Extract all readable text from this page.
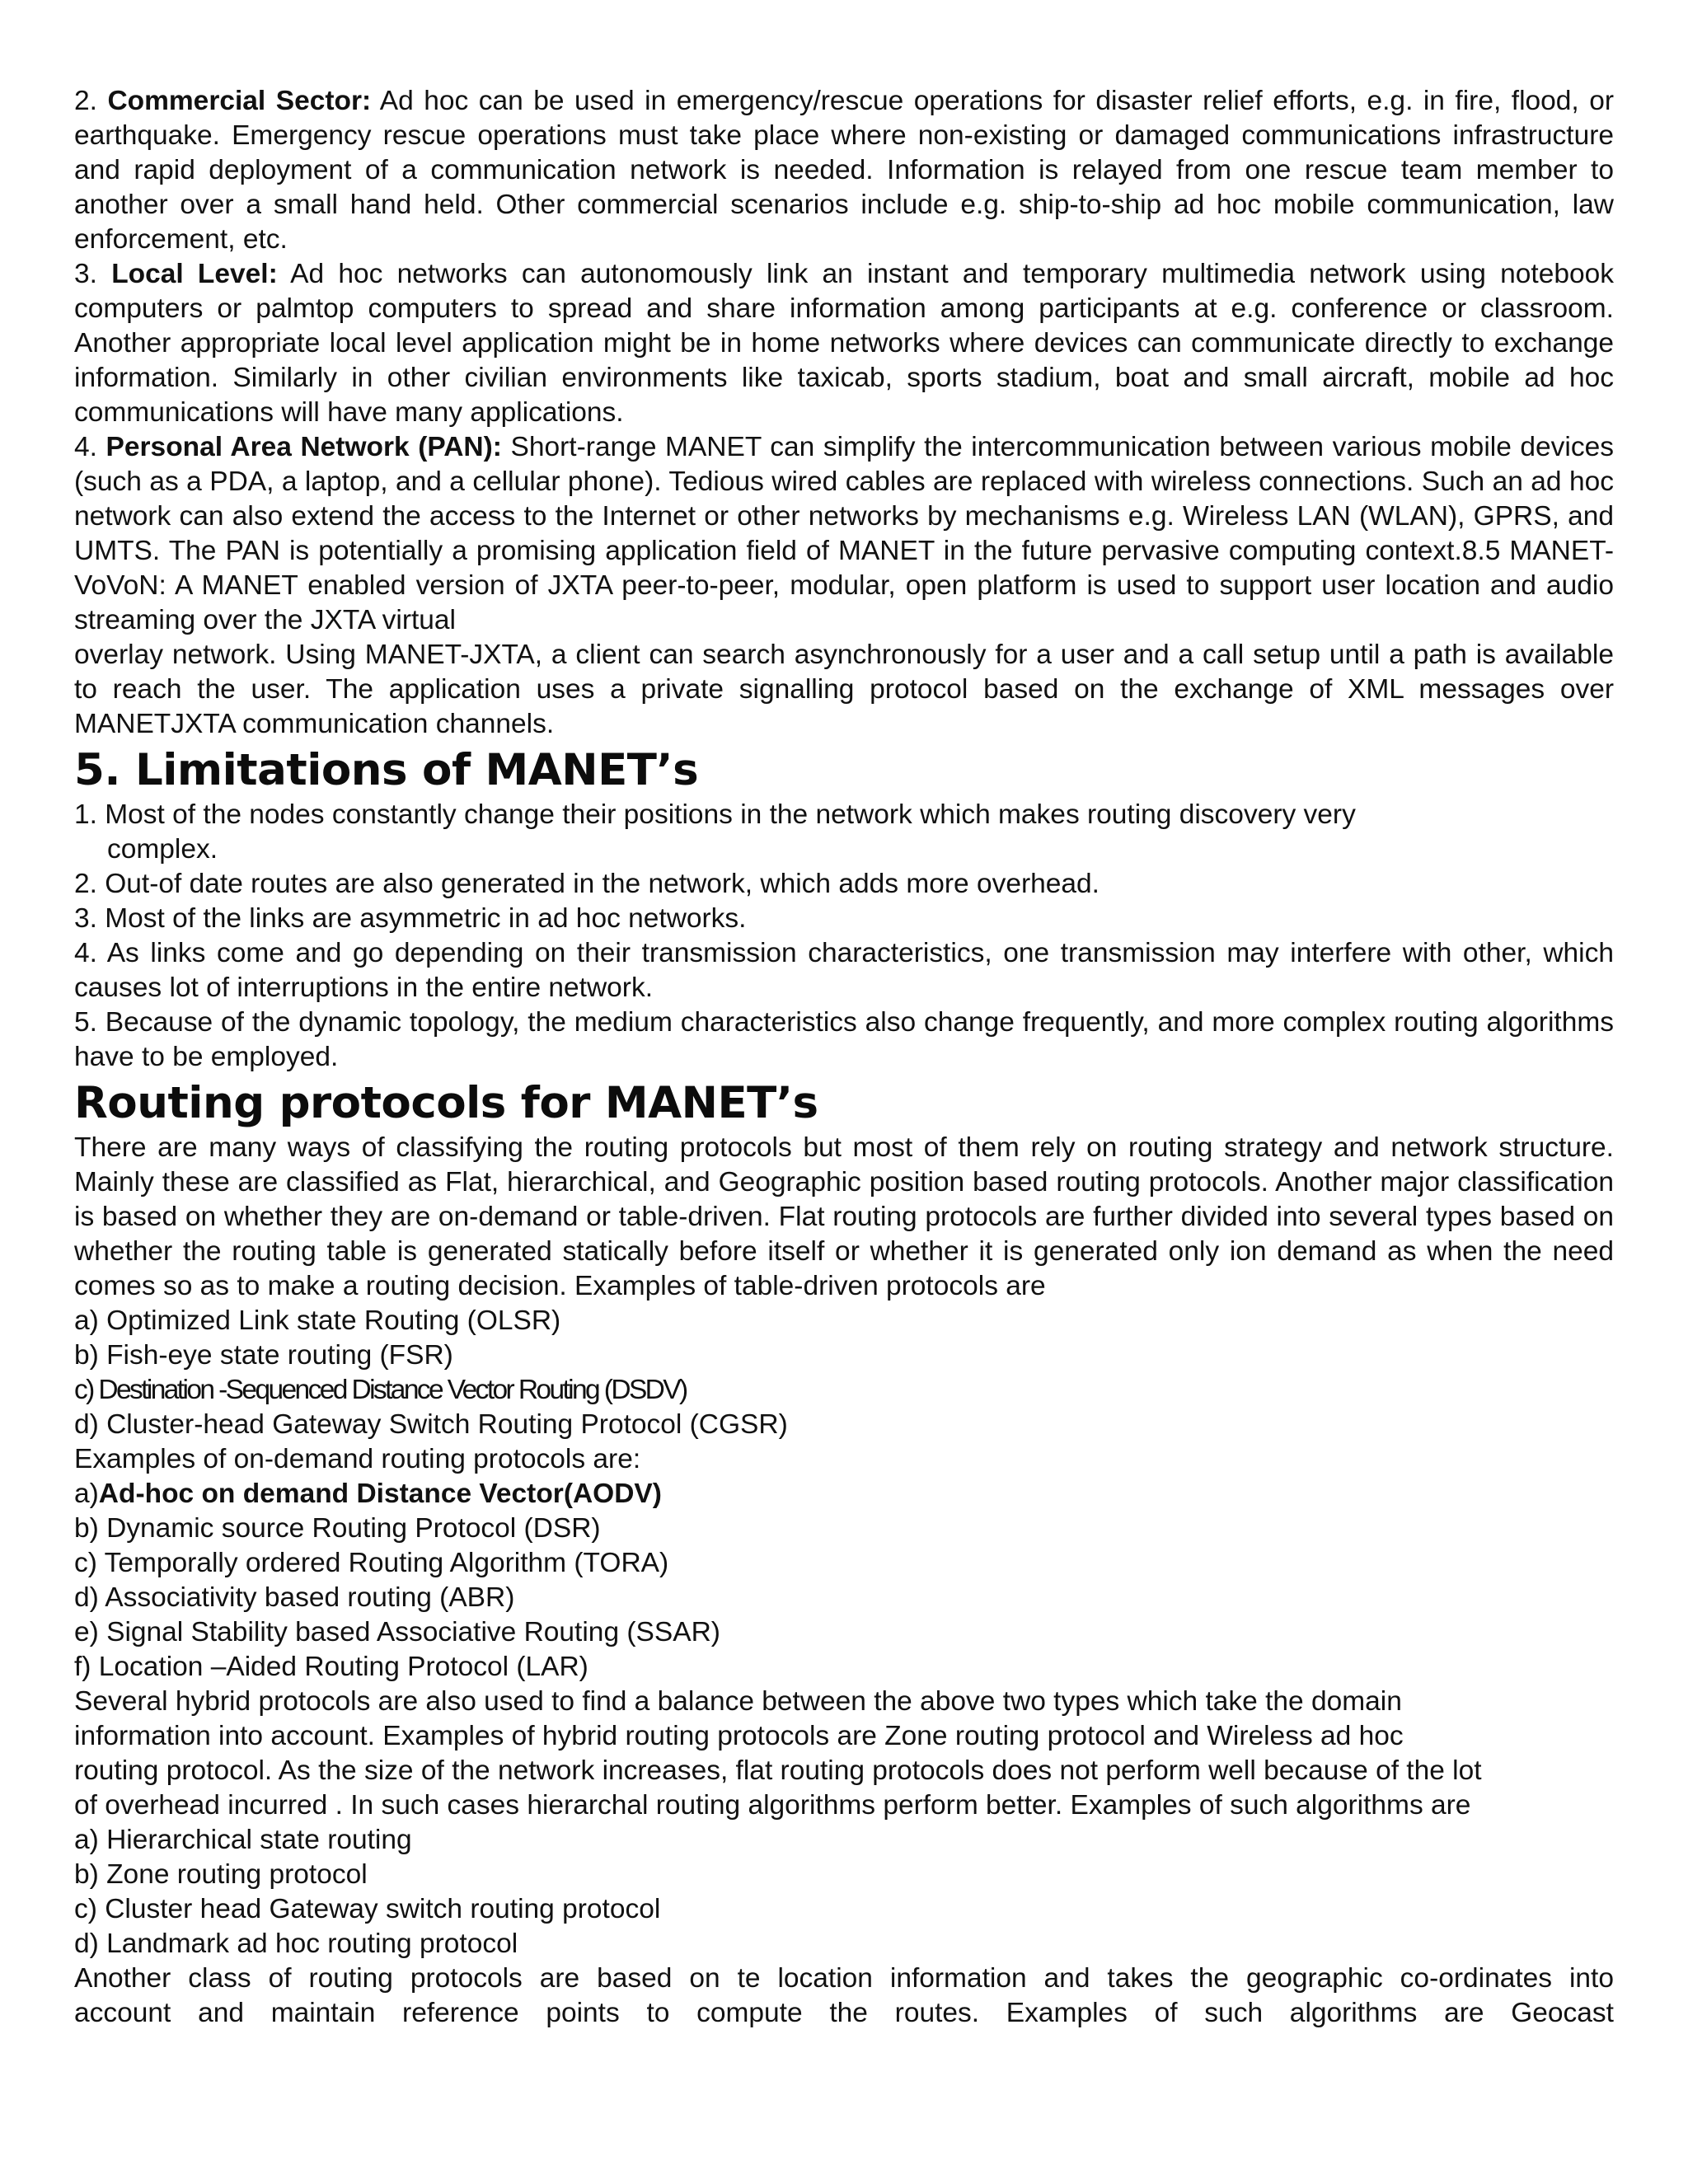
2. Commercial Sector: Ad hoc can be used in emergency/rescue operations for disaster relief efforts, e.g. in fire, flood, or earthquake. Emergency rescue operations must take place where non-existing or damaged communications infrastructure and rapid deployment of a communication network is needed. Information is relayed from one rescue team member to another over a small hand held. Other commercial scenarios include e.g. ship-to-ship ad hoc mobile communication, law enforcement, etc.

3. Local Level: Ad hoc networks can autonomously link an instant and temporary multimedia network using notebook computers or palmtop computers to spread and share information among participants at e.g. conference or classroom. Another appropriate local level application might be in home networks where devices can communicate directly to exchange information. Similarly in other civilian environments like taxicab, sports stadium, boat and small aircraft, mobile ad hoc communications will have many applications.

4. Personal Area Network (PAN): Short-range MANET can simplify the intercommunication between various mobile devices (such as a PDA, a laptop, and a cellular phone). Tedious wired cables are replaced with wireless connections. Such an ad hoc network can also extend the access to the Internet or other networks by mechanisms e.g. Wireless LAN (WLAN), GPRS, and UMTS. The PAN is potentially a promising application field of MANET in the future pervasive computing context.8.5 MANET-VoVoN: A MANET enabled version of JXTA peer-to-peer, modular, open platform is used to support user location and audio streaming over the JXTA virtual

overlay network. Using MANET-JXTA, a client can search asynchronously for a user and a call setup until a path is available to reach the user. The application uses a private signalling protocol based on the exchange of XML messages over MANETJXTA communication channels.

5. Limitations of MANET’s

1. Most of the nodes constantly change their positions in the network which makes routing discovery very

complex.

2. Out-of date routes are also generated in the network, which adds more overhead.

3. Most of the links are asymmetric in ad hoc networks.

4. As links come and go depending on their transmission characteristics, one transmission may interfere with other, which causes lot of interruptions in the entire network.

5. Because of the dynamic topology, the medium characteristics also change frequently, and more complex routing algorithms have to be employed.

Routing protocols for MANET’s

There are many ways of classifying the routing protocols but most of them rely on routing strategy and network structure. Mainly these are classified as Flat, hierarchical, and Geographic position based routing protocols. Another major classification is based on whether they are on-demand or table-driven. Flat routing protocols are further divided into several types based on whether the routing table is generated statically before itself or whether it is generated only ion demand as when the need comes so as to make a routing decision. Examples of table-driven protocols are

a) Optimized Link state Routing (OLSR)

b) Fish-eye state routing (FSR)

c) Destination -Sequenced Distance Vector Routing (DSDV)

d) Cluster-head Gateway Switch Routing Protocol (CGSR)

Examples of on-demand routing protocols are:

a)Ad-hoc on demand Distance Vector(AODV)

b) Dynamic source Routing Protocol (DSR)

c) Temporally ordered Routing Algorithm (TORA)

d) Associativity based routing (ABR)

e) Signal Stability based Associative Routing (SSAR)

f) Location –Aided Routing Protocol (LAR)

Several hybrid protocols are also used to find a balance between the above two types which take the domain

information into account. Examples of hybrid routing protocols are Zone routing protocol and Wireless ad hoc

routing protocol. As the size of the network increases, flat routing protocols does not perform well because of the lot

of overhead incurred . In such cases hierarchal routing algorithms perform better. Examples of such algorithms are

a) Hierarchical state routing

b) Zone routing protocol

c) Cluster head Gateway switch routing protocol

d) Landmark ad hoc routing protocol

Another class of routing protocols are based on te location information and takes the geographic co-ordinates into

account and maintain reference points to compute the routes. Examples of such algorithms are Geocast
